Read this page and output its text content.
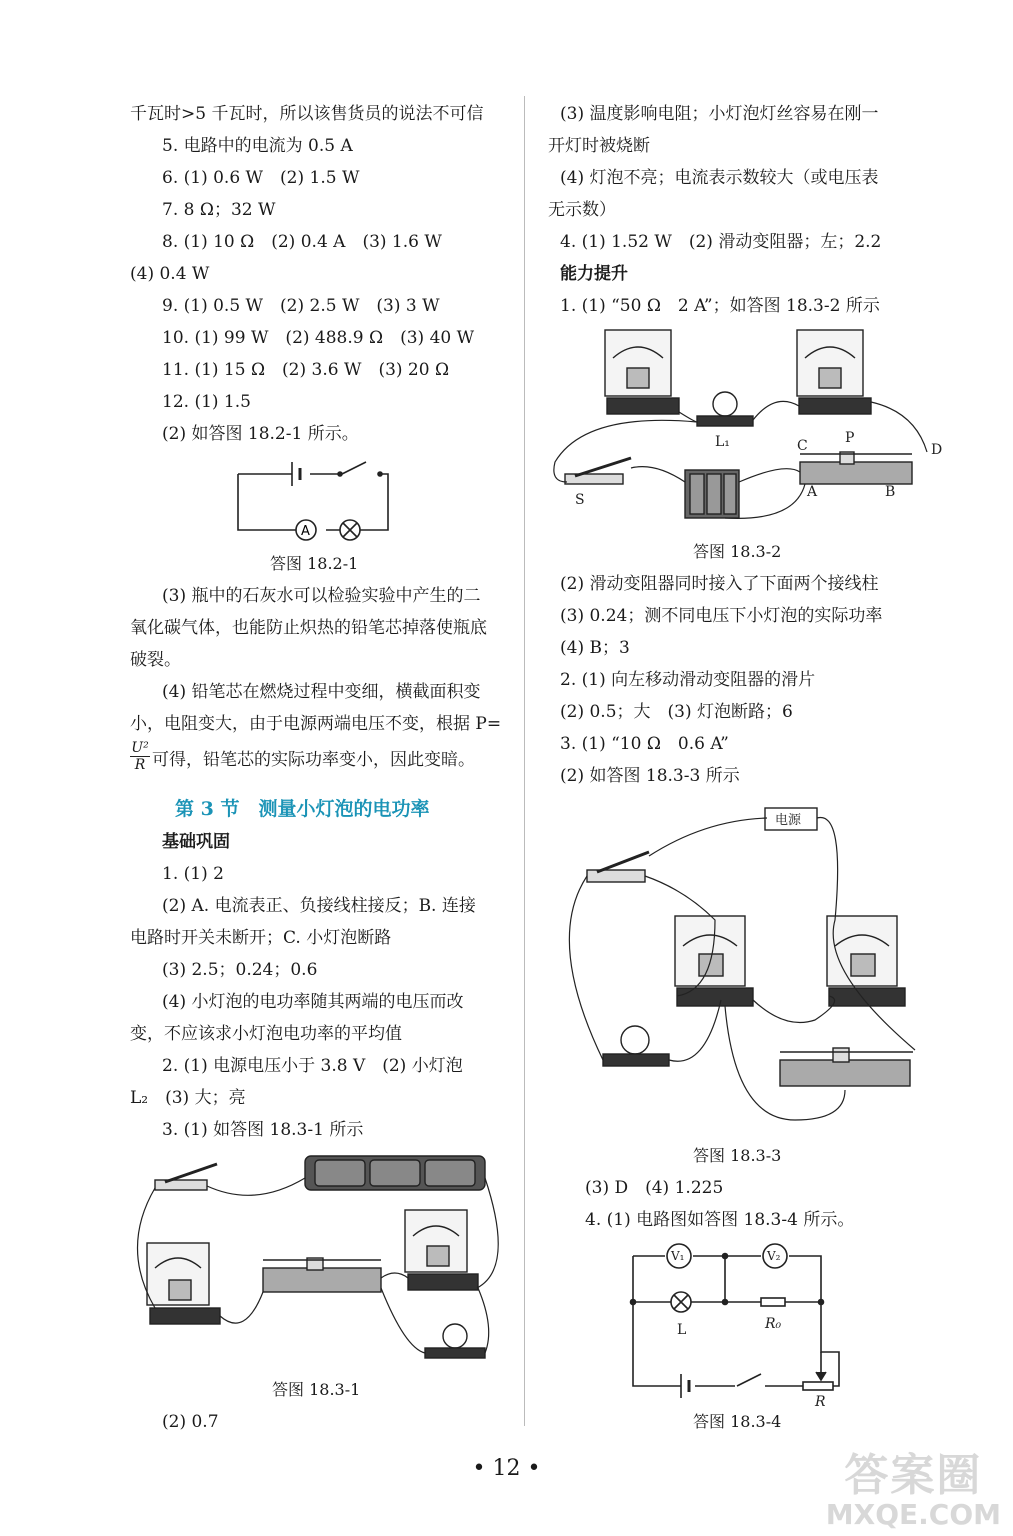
千瓦时>5 千瓦时，所以该售货员的说法不可信
5. 电路中的电流为 0.5 A
6. (1) 0.6 W　(2) 1.5 W
7. 8 Ω；32 W
8. (1) 10 Ω　(2) 0.4 A　(3) 1.6 W
(4) 0.4 W
9. (1) 0.5 W　(2) 2.5 W　(3) 3 W
10. (1) 99 W　(2) 488.9 Ω　(3) 40 W
11. (1) 15 Ω　(2) 3.6 W　(3) 20 Ω
12. (1) 1.5
(2) 如答图 18.2-1 所示。
A
答图 18.2-1
(3) 瓶中的石灰水可以检验实验中产生的二
氧化碳气体，也能防止炽热的铅笔芯掉落使瓶底
破裂。
(4) 铅笔芯在燃烧过程中变细，横截面积变
小，电阻变大，由于电源两端电压不变，根据 P=
$\frac{\text{U²}}{R}$ 可得，铅笔芯的实际功率变小，因此变暗。
第 3 节　测量小灯泡的电功率
基础巩固
1. (1) 2
(2) A. 电流表正、负接线柱接反；B. 连接
电路时开关未断开；C. 小灯泡断路
(3) 2.5；0.24；0.6
(4) 小灯泡的电功率随其两端的电压而改
变，不应该求小灯泡电功率的平均值
2. (1) 电源电压小于 3.8 V　(2) 小灯泡
L₂　(3) 大；亮
3. (1) 如答图 18.3-1 所示
答图 18.3-1
(2) 0.7
(3) 温度影响电阻；小灯泡灯丝容易在刚一
开灯时被烧断
(4) 灯泡不亮；电流表示数较大（或电压表
无示数）
4. (1) 1.52 W　(2) 滑动变阻器；左；2.2
能力提升
1. (1) “50 Ω　2 A”；如答图 18.3-2 所示
L₁	C	P
D
S	A	B
答图 18.3-2
(2) 滑动变阻器同时接入了下面两个接线柱
(3) 0.24；测不同电压下小灯泡的实际功率
(4) B；3
2. (1) 向左移动滑动变阻器的滑片
(2) 0.5；大　(3) 灯泡断路；6
3. (1) “10 Ω　0.6 A”
(2) 如答图 18.3-3 所示
电源
答图 18.3-3
(3) D　(4) 1.225
4. (1) 电路图如答图 18.3-4 所示。
V₁	V₂
L	R₀
R
答图 18.3-4
• 12 •	答案圈
MXQE.COM
